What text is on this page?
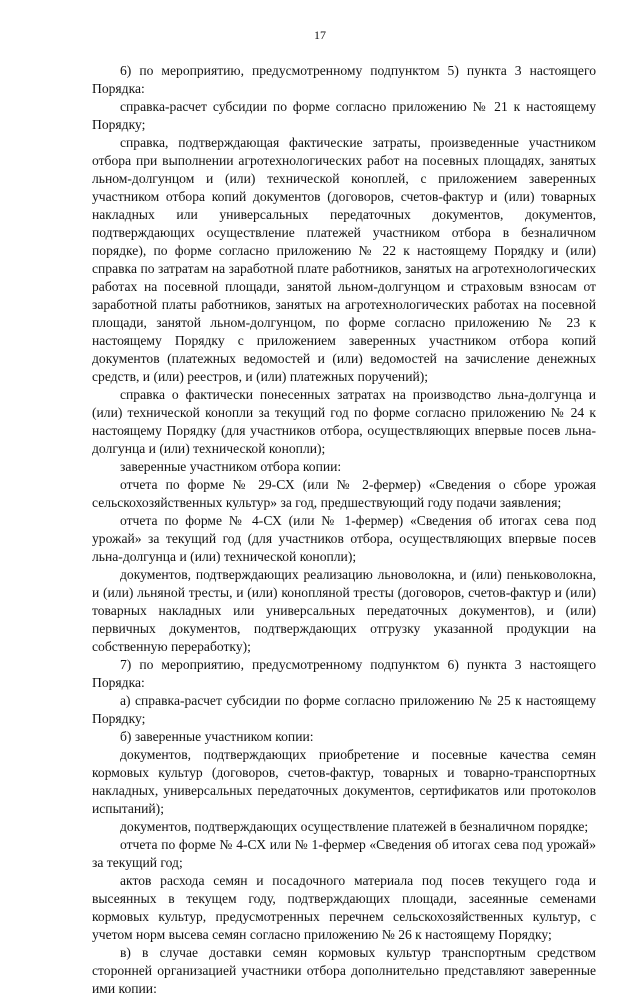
17

6) по мероприятию, предусмотренному подпунктом 5) пункта 3 настоящего Порядка:

справка-расчет субсидии по форме согласно приложению № 21 к настоящему Порядку;

справка, подтверждающая фактические затраты, произведенные участником отбора при выполнении агротехнологических работ на посевных площадях, занятых льном-долгунцом и (или) технической коноплей, с приложением заверенных участником отбора копий документов (договоров, счетов-фактур и (или) товарных накладных или универсальных передаточных документов, документов, подтверждающих осуществление платежей участником отбора в безналичном порядке), по форме согласно приложению № 22 к настоящему Порядку и (или) справка по затратам на заработной плате работников, занятых на агротехнологических работах на посевной площади, занятой льном-долгунцом и страховым взносам от заработной платы работников, занятых на агротехнологических работах на посевной площади, занятой льном-долгунцом, по форме согласно приложению № 23 к настоящему Порядку с приложением заверенных участником отбора копий документов (платежных ведомостей и (или) ведомостей на зачисление денежных средств, и (или) реестров, и (или) платежных поручений);

справка о фактически понесенных затратах на производство льна-долгунца и (или) технической конопли за текущий год по форме согласно приложению № 24 к настоящему Порядку (для участников отбора, осуществляющих впервые посев льна-долгунца и (или) технической конопли);

заверенные участником отбора копии:

отчета по форме № 29-СХ (или № 2-фермер) «Сведения о сборе урожая сельскохозяйственных культур» за год, предшествующий году подачи заявления;

отчета по форме № 4-СХ (или № 1-фермер) «Сведения об итогах сева под урожай» за текущий год (для участников отбора, осуществляющих впервые посев льна-долгунца и (или) технической конопли);

документов, подтверждающих реализацию льноволокна, и (или) пеньковолокна, и (или) льняной тресты, и (или) конопляной тресты (договоров, счетов-фактур и (или) товарных накладных или универсальных передаточных документов), и (или) первичных документов, подтверждающих отгрузку указанной продукции на собственную переработку);

7) по мероприятию, предусмотренному подпунктом 6) пункта 3 настоящего Порядка:

а) справка-расчет субсидии по форме согласно приложению № 25 к настоящему Порядку;

б) заверенные участником копии:

документов, подтверждающих приобретение и посевные качества семян кормовых культур (договоров, счетов-фактур, товарных и товарно-транспортных накладных, универсальных передаточных документов, сертификатов или протоколов испытаний);

документов, подтверждающих осуществление платежей в безналичном порядке;

отчета по форме № 4-СХ или № 1-фермер «Сведения об итогах сева под урожай» за текущий год;

актов расхода семян и посадочного материала под посев текущего года и высеянных в текущем году, подтверждающих площади, засеянные семенами кормовых культур, предусмотренных перечнем сельскохозяйственных культур, с учетом норм высева семян согласно приложению № 26 к настоящему Порядку;

в) в случае доставки семян кормовых культур транспортным средством сторонней организацией участники отбора дополнительно представляют заверенные ими копии:
